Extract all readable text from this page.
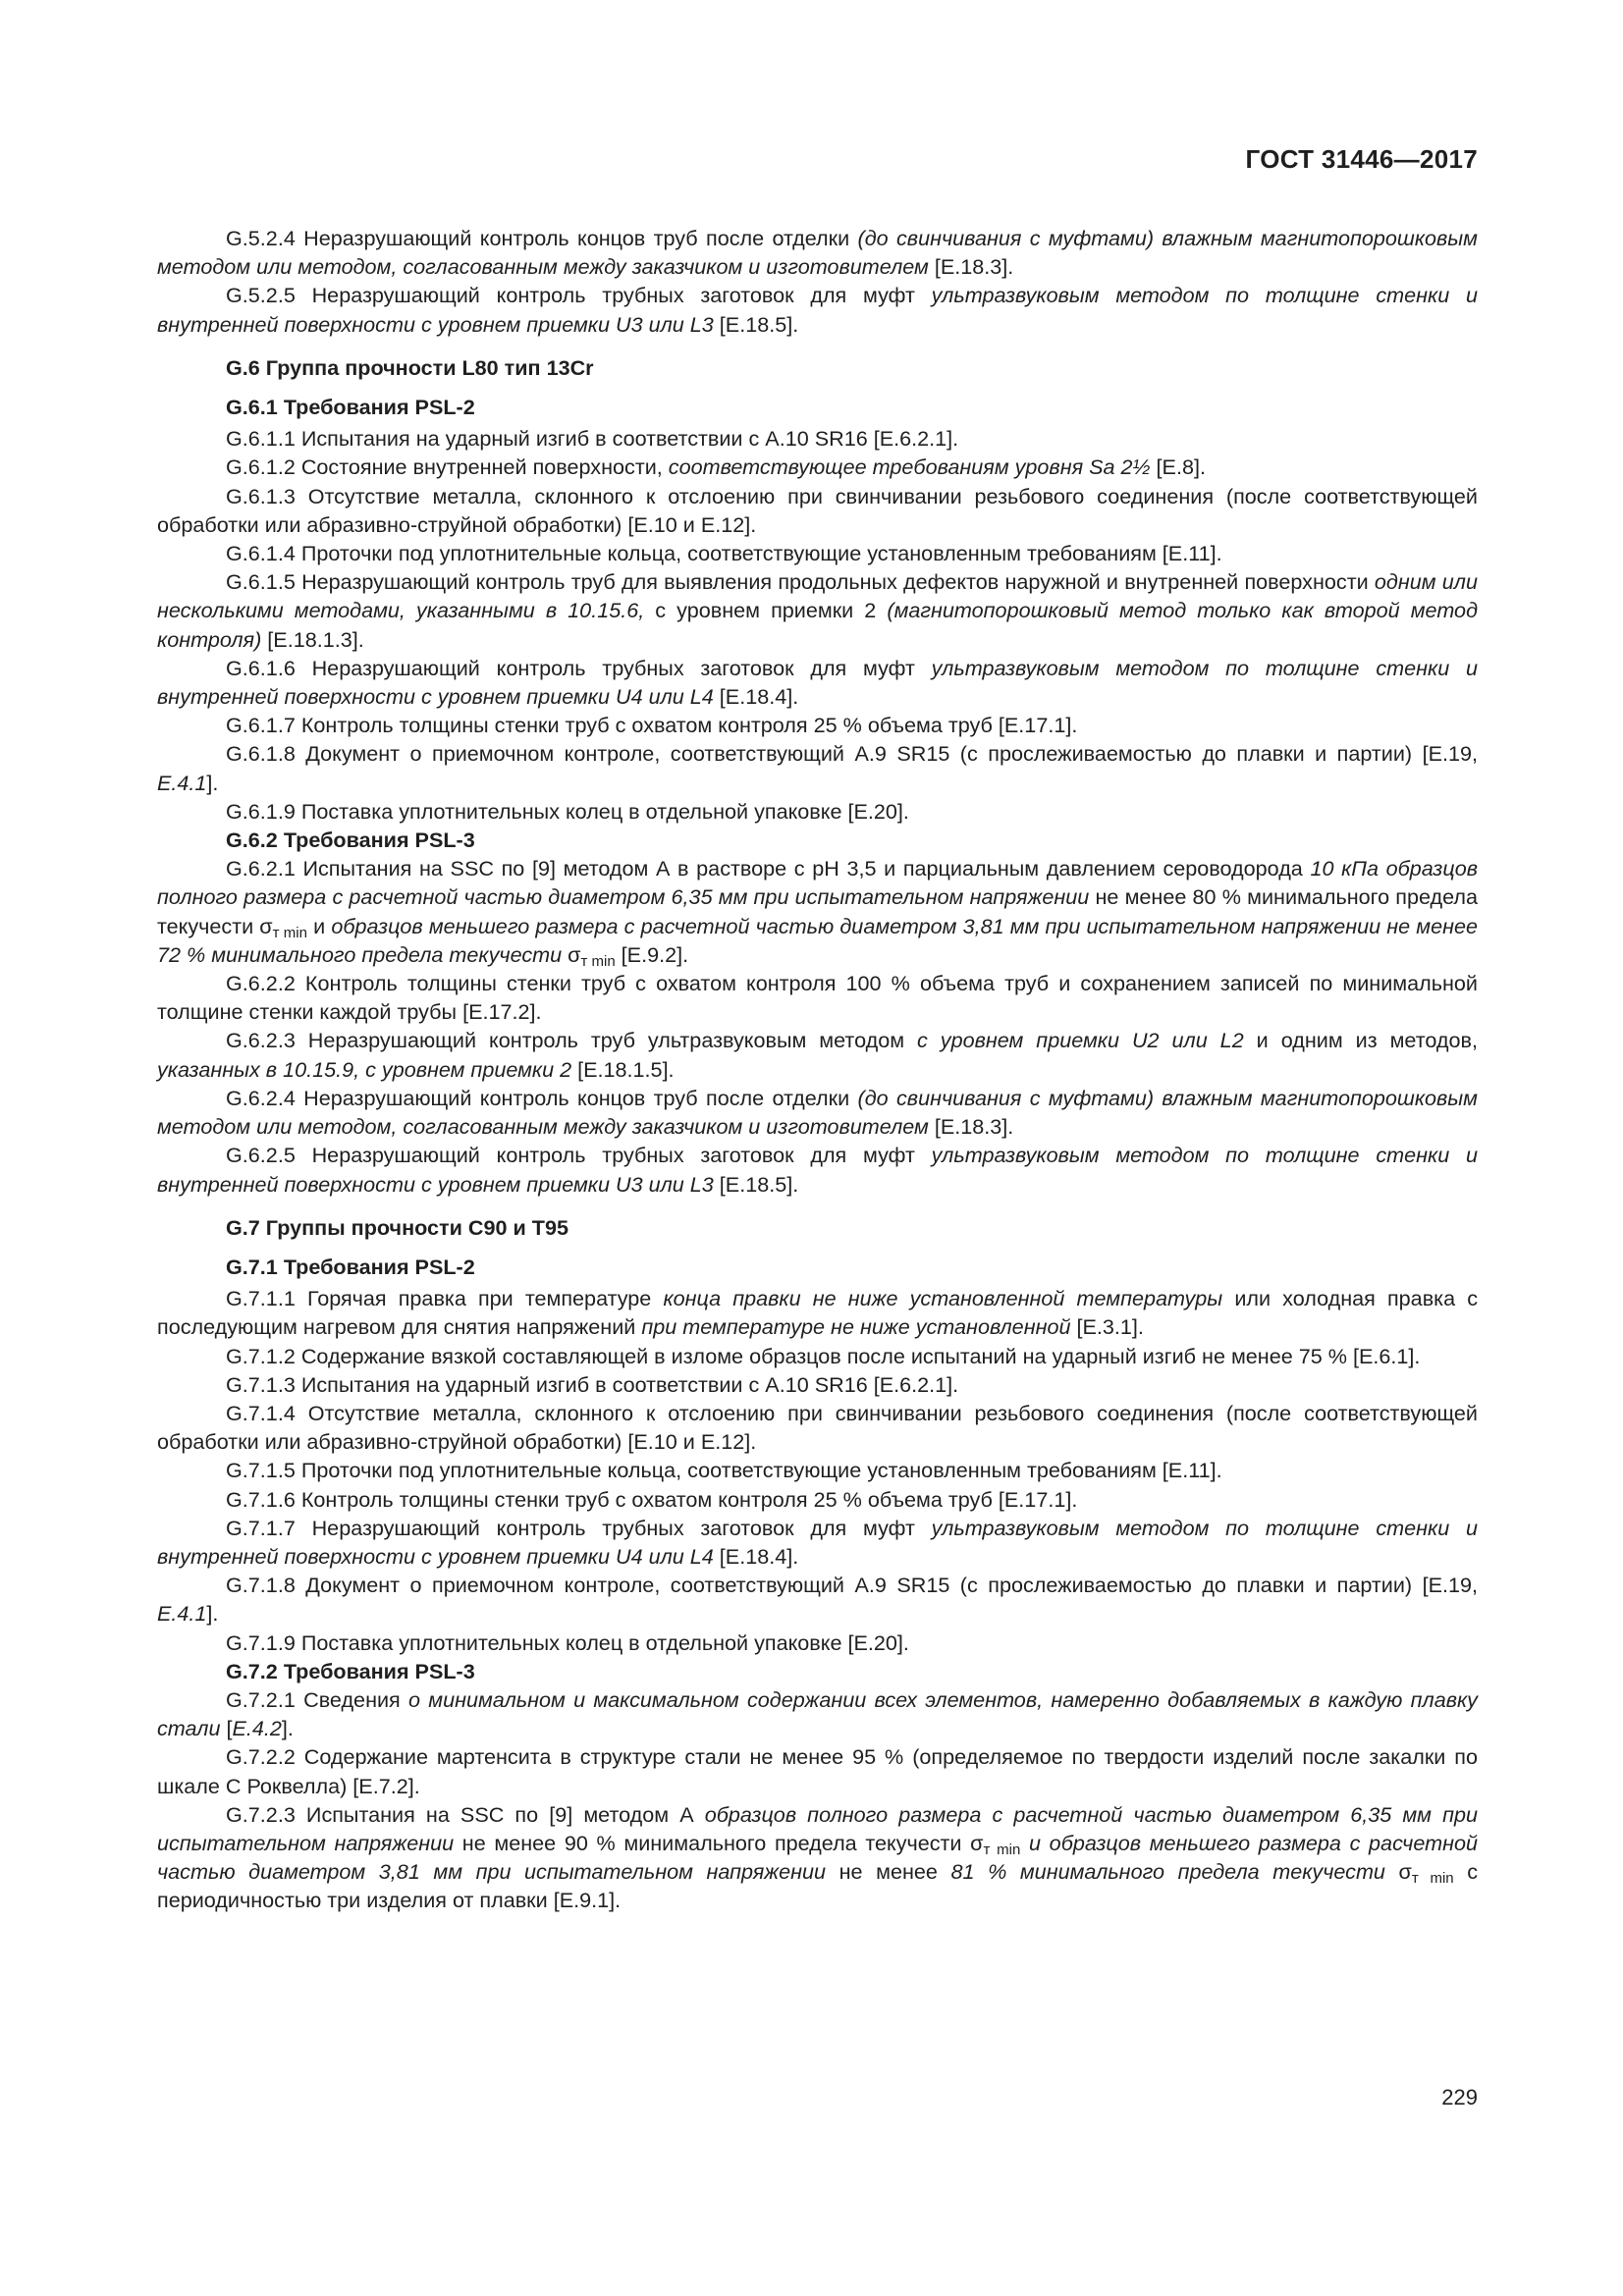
ГОСТ 31446—2017
G.5.2.4 Неразрушающий контроль концов труб после отделки (до свинчивания с муфтами) влажным магнитопорошковым методом или методом, согласованным между заказчиком и изготовителем [E.18.3].
G.5.2.5 Неразрушающий контроль трубных заготовок для муфт ультразвуковым методом по толщине стенки и внутренней поверхности с уровнем приемки U3 или L3 [E.18.5].
G.6 Группа прочности L80 тип 13Cr
G.6.1 Требования PSL-2
G.6.1.1 Испытания на ударный изгиб в соответствии с А.10 SR16 [E.6.2.1].
G.6.1.2 Состояние внутренней поверхности, соответствующее требованиям уровня Sa 2½ [E.8].
G.6.1.3 Отсутствие металла, склонного к отслоению при свинчивании резьбового соединения (после соответствующей обработки или абразивно-струйной обработки) [E.10 и E.12].
G.6.1.4 Проточки под уплотнительные кольца, соответствующие установленным требованиям [E.11].
G.6.1.5 Неразрушающий контроль труб для выявления продольных дефектов наружной и внутренней поверхности одним или несколькими методами, указанными в 10.15.6, с уровнем приемки 2 (магнитопорошковый метод только как второй метод контроля) [E.18.1.3].
G.6.1.6 Неразрушающий контроль трубных заготовок для муфт ультразвуковым методом по толщине стенки и внутренней поверхности с уровнем приемки U4 или L4 [E.18.4].
G.6.1.7 Контроль толщины стенки труб с охватом контроля 25 % объема труб [E.17.1].
G.6.1.8 Документ о приемочном контроле, соответствующий А.9 SR15 (с прослеживаемостью до плавки и партии) [E.19, E.4.1].
G.6.1.9 Поставка уплотнительных колец в отдельной упаковке [E.20].
G.6.2 Требования PSL-3
G.6.2.1 Испытания на SSC по [9] методом А в растворе с pH 3,5 и парциальным давлением сероводорода 10 кПа образцов полного размера с расчетной частью диаметром 6,35 мм при испытательном напряжении не менее 80 % минимального предела текучести $\sigma_{т min}$ и образцов меньшего размера с расчетной частью диаметром 3,81 мм при испытательном напряжении не менее 72 % минимального предела текучести $\sigma_{т min}$ [E.9.2].
G.6.2.2 Контроль толщины стенки труб с охватом контроля 100 % объема труб и сохранением записей по минимальной толщине стенки каждой трубы [E.17.2].
G.6.2.3 Неразрушающий контроль труб ультразвуковым методом с уровнем приемки U2 или L2 и одним из методов, указанных в 10.15.9, с уровнем приемки 2 [E.18.1.5].
G.6.2.4 Неразрушающий контроль концов труб после отделки (до свинчивания с муфтами) влажным магнитопорошковым методом или методом, согласованным между заказчиком и изготовителем [E.18.3].
G.6.2.5 Неразрушающий контроль трубных заготовок для муфт ультразвуковым методом по толщине стенки и внутренней поверхности с уровнем приемки U3 или L3 [E.18.5].
G.7 Группы прочности C90 и T95
G.7.1 Требования PSL-2
G.7.1.1 Горячая правка при температуре конца правки не ниже установленной температуры или холодная правка с последующим нагревом для снятия напряжений при температуре не ниже установленной [E.3.1].
G.7.1.2 Содержание вязкой составляющей в изломе образцов после испытаний на ударный изгиб не менее 75 % [E.6.1].
G.7.1.3 Испытания на ударный изгиб в соответствии с А.10 SR16 [E.6.2.1].
G.7.1.4 Отсутствие металла, склонного к отслоению при свинчивании резьбового соединения (после соответствующей обработки или абразивно-струйной обработки) [E.10 и E.12].
G.7.1.5 Проточки под уплотнительные кольца, соответствующие установленным требованиям [E.11].
G.7.1.6 Контроль толщины стенки труб с охватом контроля 25 % объема труб [E.17.1].
G.7.1.7 Неразрушающий контроль трубных заготовок для муфт ультразвуковым методом по толщине стенки и внутренней поверхности с уровнем приемки U4 или L4 [E.18.4].
G.7.1.8 Документ о приемочном контроле, соответствующий А.9 SR15 (с прослеживаемостью до плавки и партии) [E.19, E.4.1].
G.7.1.9 Поставка уплотнительных колец в отдельной упаковке [E.20].
G.7.2 Требования PSL-3
G.7.2.1 Сведения о минимальном и максимальном содержании всех элементов, намеренно добавляемых в каждую плавку стали [E.4.2].
G.7.2.2 Содержание мартенсита в структуре стали не менее 95 % (определяемое по твердости изделий после закалки по шкале С Роквелла) [E.7.2].
G.7.2.3 Испытания на SSC по [9] методом А образцов полного размера с расчетной частью диаметром 6,35 мм при испытательном напряжении не менее 90 % минимального предела текучести $\sigma_{т min}$ и образцов меньшего размера с расчетной частью диаметром 3,81 мм при испытательном напряжении не менее 81 % минимального предела текучести $\sigma_{т min}$ с периодичностью три изделия от плавки [E.9.1].
229
